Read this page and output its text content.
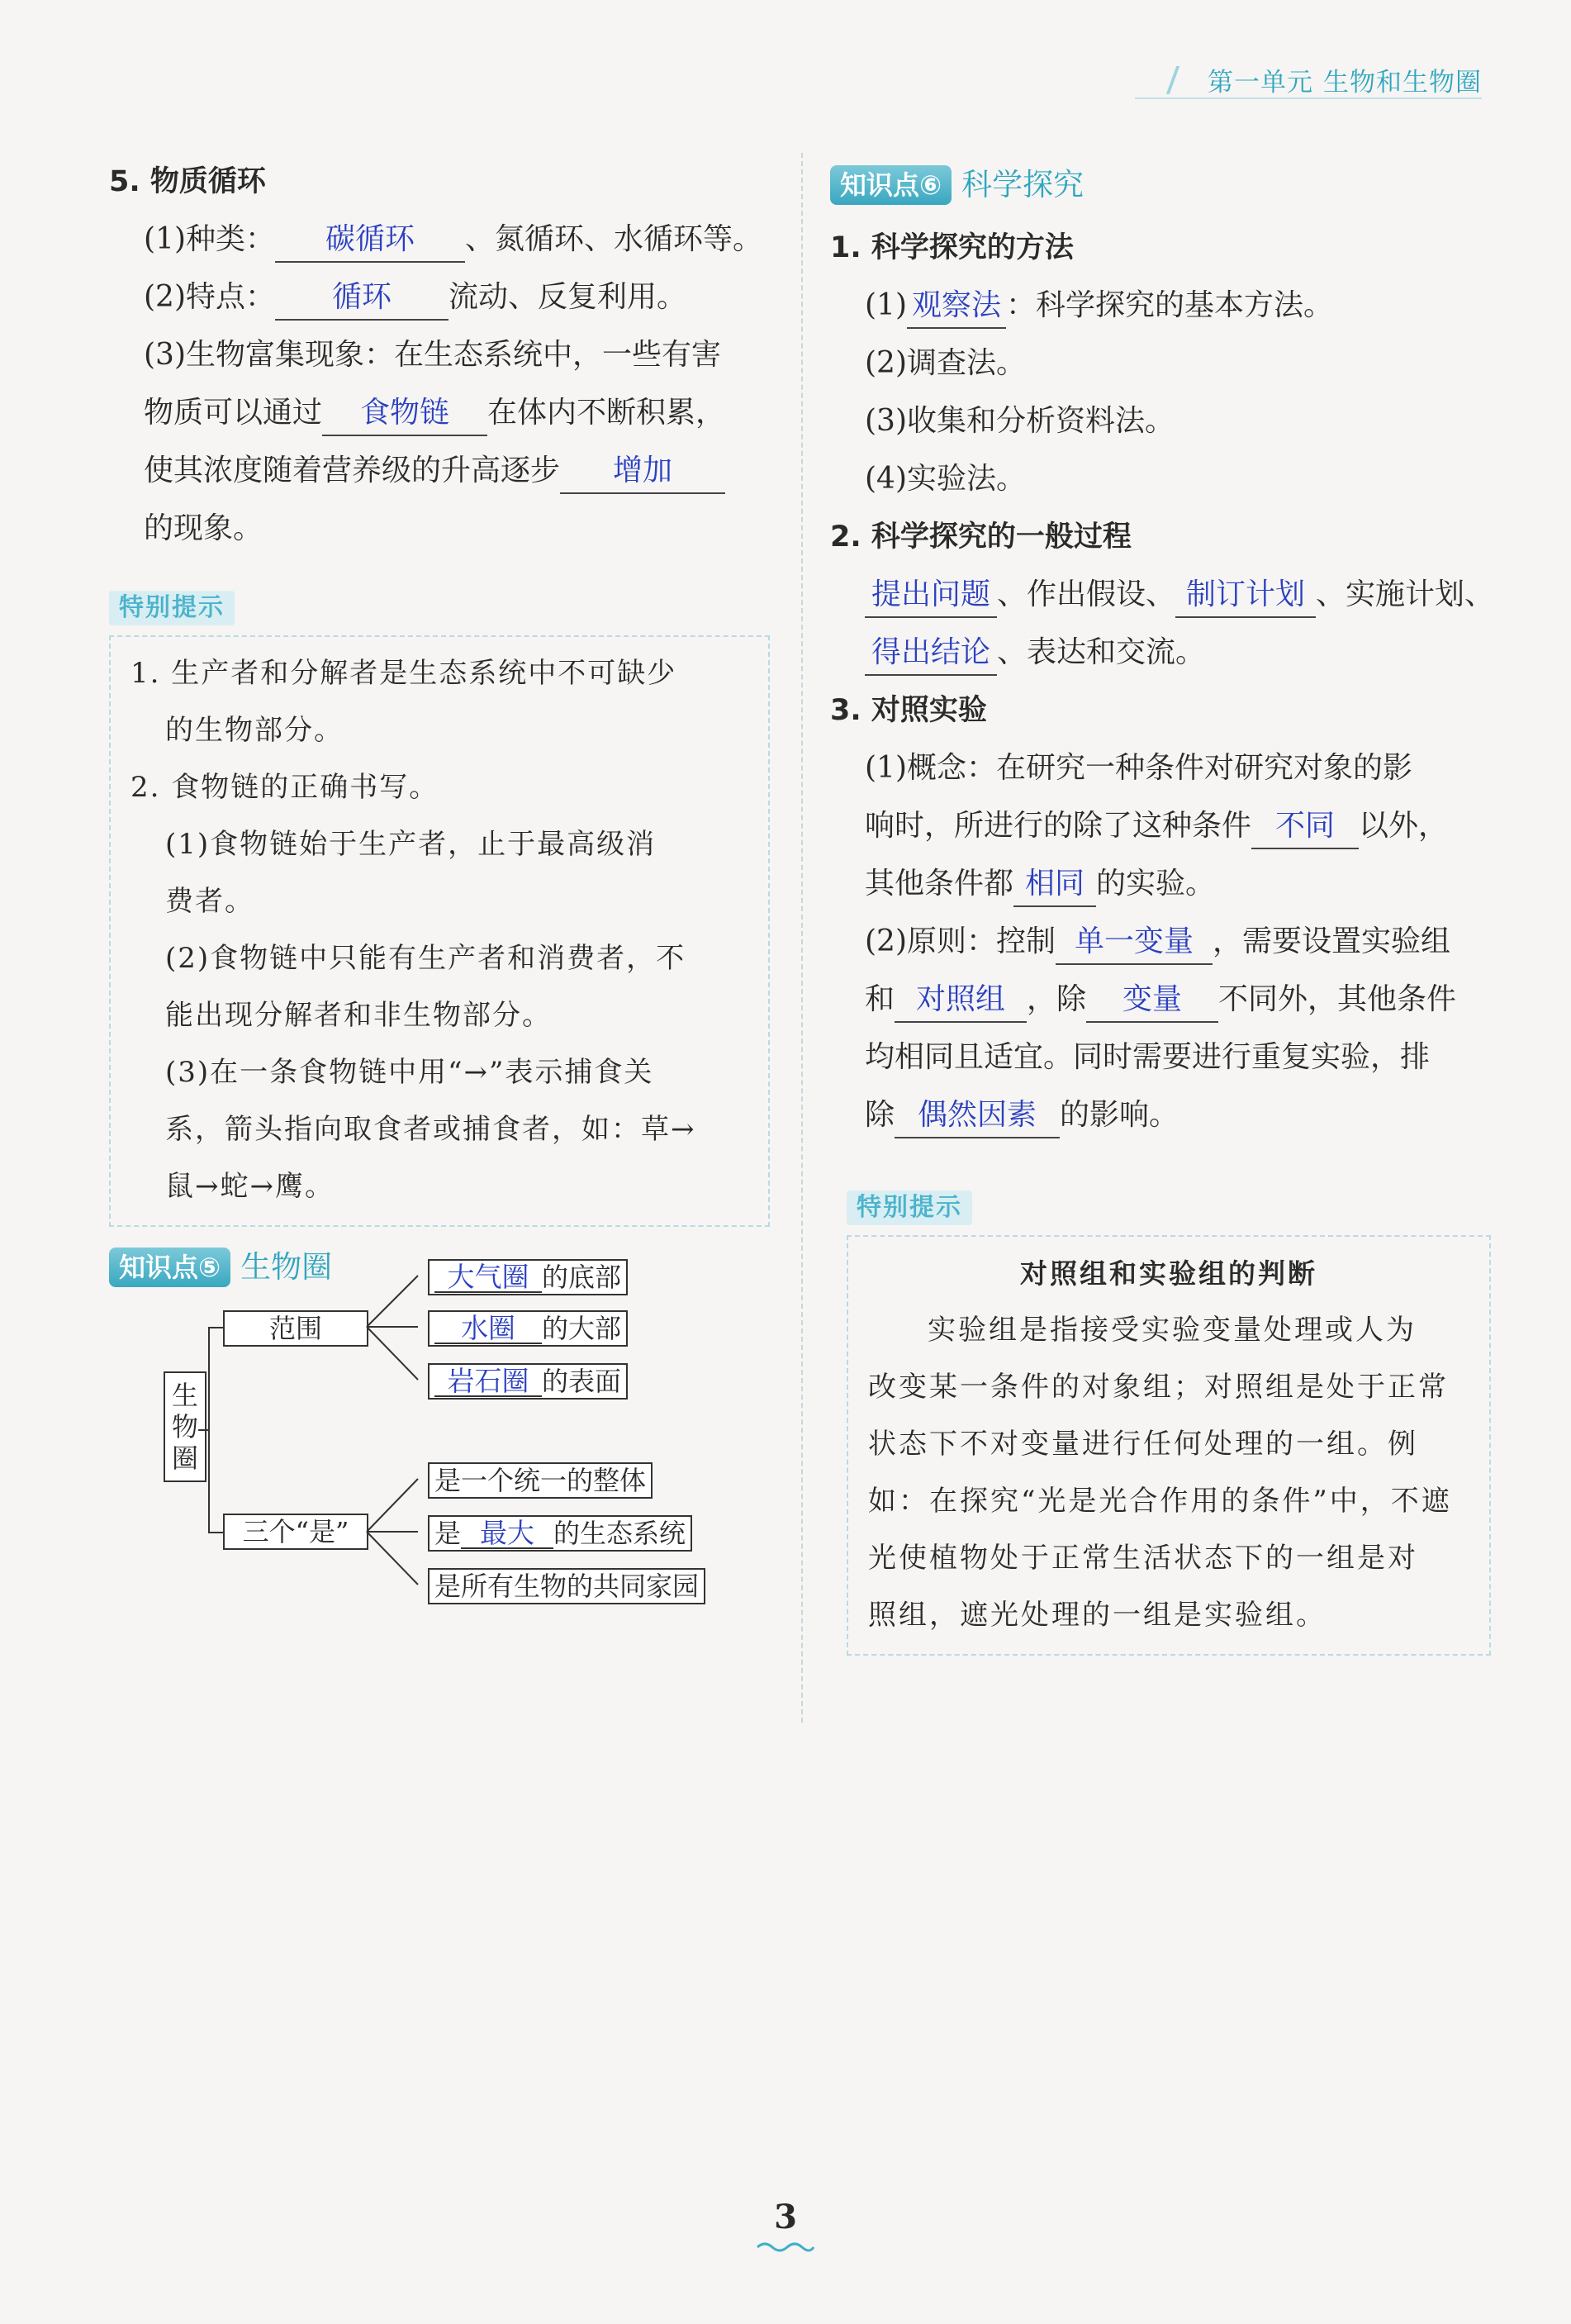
第一单元 生物和生物圈
5. 物质循环
(1)种类： 碳循环 、氮循环、水循环等。
(2)特点： 循环 流动、反复利用。
(3)生物富集现象：在生态系统中，一些有害
物质可以通过 食物链 在体内不断积累，
使其浓度随着营养级的升高逐步 增加
的现象。
特别提示
1. 生产者和分解者是生态系统中不可缺少
的生物部分。
2. 食物链的正确书写。
(1)食物链始于生产者，止于最高级消
费者。
(2)食物链中只能有生产者和消费者，不
能出现分解者和非生物部分。
(3)在一条食物链中用“→”表示捕食关
系，箭头指向取食者或捕食者，如：草→
鼠→蛇→鹰。
知识点⑤ 生物圈
生物圈
范围
三个“是”
大气圈 的底部
水圈 的大部
岩石圈 的表面
是一个统一的整体
是 最大 的生态系统
是所有生物的共同家园
知识点⑥ 科学探究
1. 科学探究的方法
(1) 观察法 ：科学探究的基本方法。
(2)调查法。
(3)收集和分析资料法。
(4)实验法。
2. 科学探究的一般过程
提出问题 、作出假设、 制订计划 、实施计划、
得出结论 、表达和交流。
3. 对照实验
(1)概念：在研究一种条件对研究对象的影
响时，所进行的除了这种条件 不同 以外，
其他条件都 相同 的实验。
(2)原则：控制 单一变量 ，需要设置实验组
和 对照组 ，除 变量 不同外，其他条件
均相同且适宜。同时需要进行重复实验，排
除 偶然因素 的影响。
特别提示
对照组和实验组的判断
实验组是指接受实验变量处理或人为
改变某一条件的对象组；对照组是处于正常
状态下不对变量进行任何处理的一组。例
如：在探究“光是光合作用的条件”中，不遮
光使植物处于正常生活状态下的一组是对
照组，遮光处理的一组是实验组。
3
